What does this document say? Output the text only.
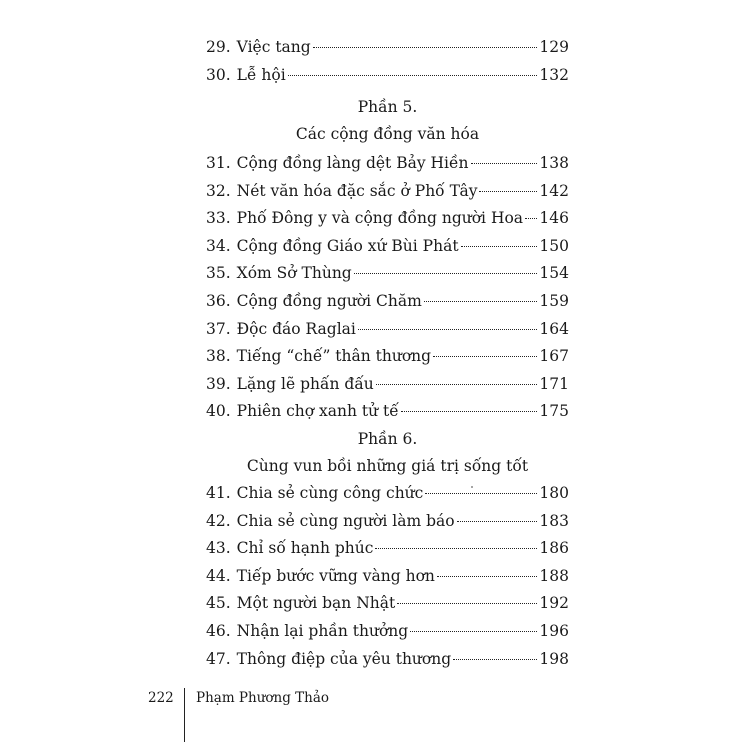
29. Việc tang	129
30. Lễ hội	132
Phần 5.
Các cộng đồng văn hóa
31. Cộng đồng làng dệt Bảy Hiền	138
32. Nét văn hóa đặc sắc ở Phố Tây	142
33. Phố Đông y và cộng đồng người Hoa 146
34. Cộng đồng Giáo xứ Bùi Phát	150
35. Xóm Sở Thùng	154
36. Cộng đồng người Chăm	159
37. Độc đáo Raglai	164
38. Tiếng “chế” thân thương	167
39. Lặng lẽ phấn đấu	171
40. Phiên chợ xanh tử tế	175
Phần 6.
Cùng vun bồi những giá trị sống tốt
41. Chia sẻ cùng công chức	180
42. Chia sẻ cùng người làm báo	183
43. Chỉ số hạnh phúc	186
44. Tiếp bước vững vàng hơn	188
45. Một người bạn Nhật	192
46. Nhận lại phần thưởng	196
47. Thông điệp của yêu thương	198
222 Phạm Phương Thảo
